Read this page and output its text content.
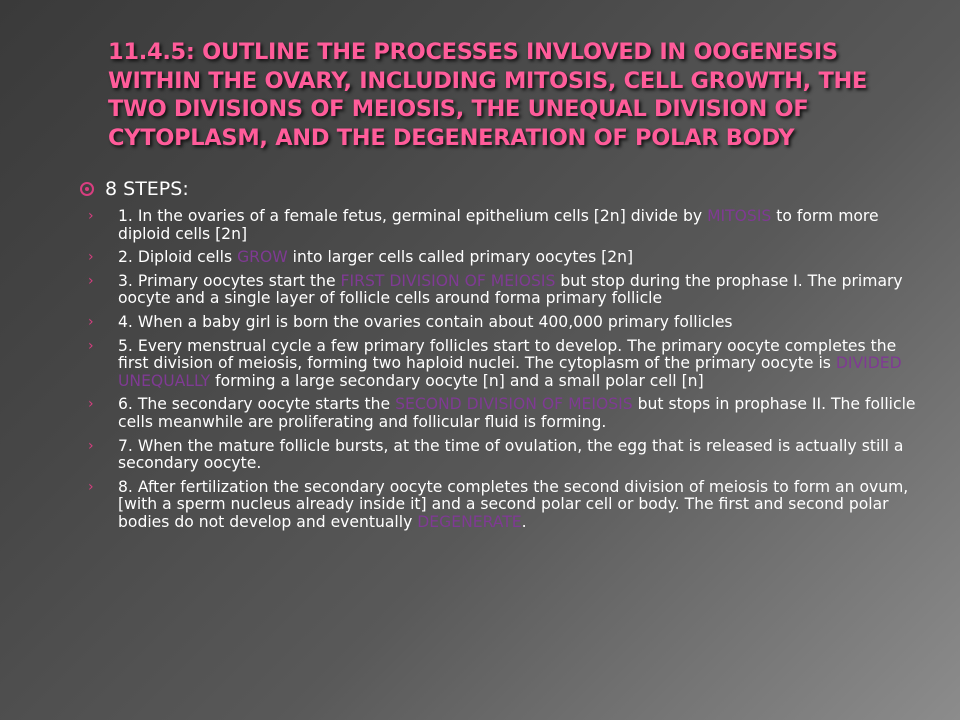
11.4.5: OUTLINE THE PROCESSES INVLOVED IN OOGENESIS WITHIN THE OVARY, INCLUDING MITOSIS, CELL GROWTH, THE TWO DIVISIONS OF MEIOSIS, THE UNEQUAL DIVISION OF CYTOPLASM, AND THE DEGENERATION OF POLAR BODY
8 STEPS:
› 1. In the ovaries of a female fetus, germinal epithelium cells [2n] divide by MITOSIS to form more diploid cells [2n]
› 2. Diploid cells GROW into larger cells called primary oocytes [2n]
› 3. Primary oocytes start the FIRST DIVISION OF MEIOSIS but stop during the prophase I. The primary oocyte and a single layer of follicle cells around forma primary follicle
› 4. When a baby girl is born the ovaries contain about 400,000 primary follicles
› 5. Every menstrual cycle a few primary follicles start to develop. The primary oocyte completes the first division of meiosis, forming two haploid nuclei. The cytoplasm of the primary oocyte is DIVIDED UNEQUALLY forming a large secondary oocyte [n] and a small polar cell [n]
› 6. The secondary oocyte starts the SECOND DIVISION OF MEIOSIS but stops in prophase II. The follicle cells meanwhile are proliferating and follicular fluid is forming.
› 7. When the mature follicle bursts, at the time of ovulation, the egg that is released is actually still a secondary oocyte.
› 8. After fertilization the secondary oocyte completes the second division of meiosis to form an ovum, [with a sperm nucleus already inside it] and a second polar cell or body. The first and second polar bodies do not develop and eventually DEGENERATE.
